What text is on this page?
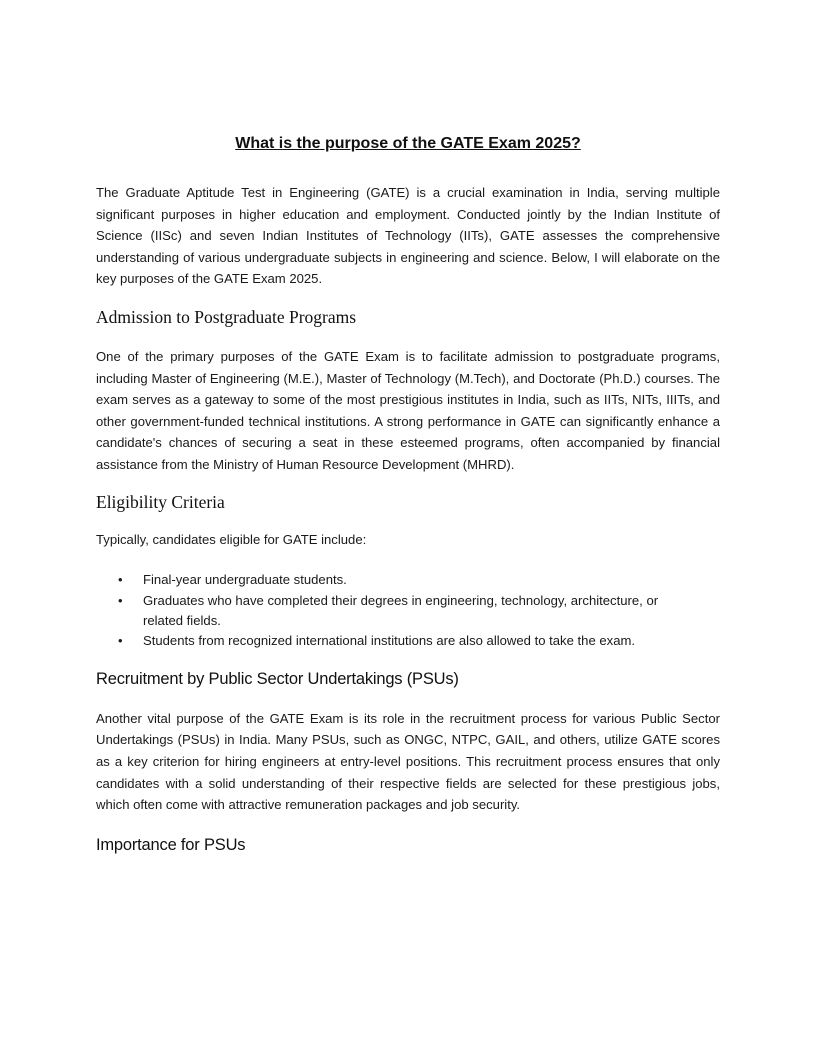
What is the purpose of the GATE Exam 2025?

The Graduate Aptitude Test in Engineering (GATE) is a crucial examination in India, serving multiple significant purposes in higher education and employment. Conducted jointly by the Indian Institute of Science (IISc) and seven Indian Institutes of Technology (IITs), GATE assesses the comprehensive understanding of various undergraduate subjects in engineering and science. Below, I will elaborate on the key purposes of the GATE Exam 2025.

Admission to Postgraduate Programs

One of the primary purposes of the GATE Exam is to facilitate admission to postgraduate programs, including Master of Engineering (M.E.), Master of Technology (M.Tech), and Doctorate (Ph.D.) courses. The exam serves as a gateway to some of the most prestigious institutes in India, such as IITs, NITs, IIITs, and other government-funded technical institutions. A strong performance in GATE can significantly enhance a candidate's chances of securing a seat in these esteemed programs, often accompanied by financial assistance from the Ministry of Human Resource Development (MHRD).

Eligibility Criteria

Typically, candidates eligible for GATE include:

• Final-year undergraduate students.
• Graduates who have completed their degrees in engineering, technology, architecture, or related fields.
• Students from recognized international institutions are also allowed to take the exam.
Recruitment by Public Sector Undertakings (PSUs)

Another vital purpose of the GATE Exam is its role in the recruitment process for various Public Sector Undertakings (PSUs) in India. Many PSUs, such as ONGC, NTPC, GAIL, and others, utilize GATE scores as a key criterion for hiring engineers at entry-level positions. This recruitment process ensures that only candidates with a solid understanding of their respective fields are selected for these prestigious jobs, which often come with attractive remuneration packages and job security.

Importance for PSUs
